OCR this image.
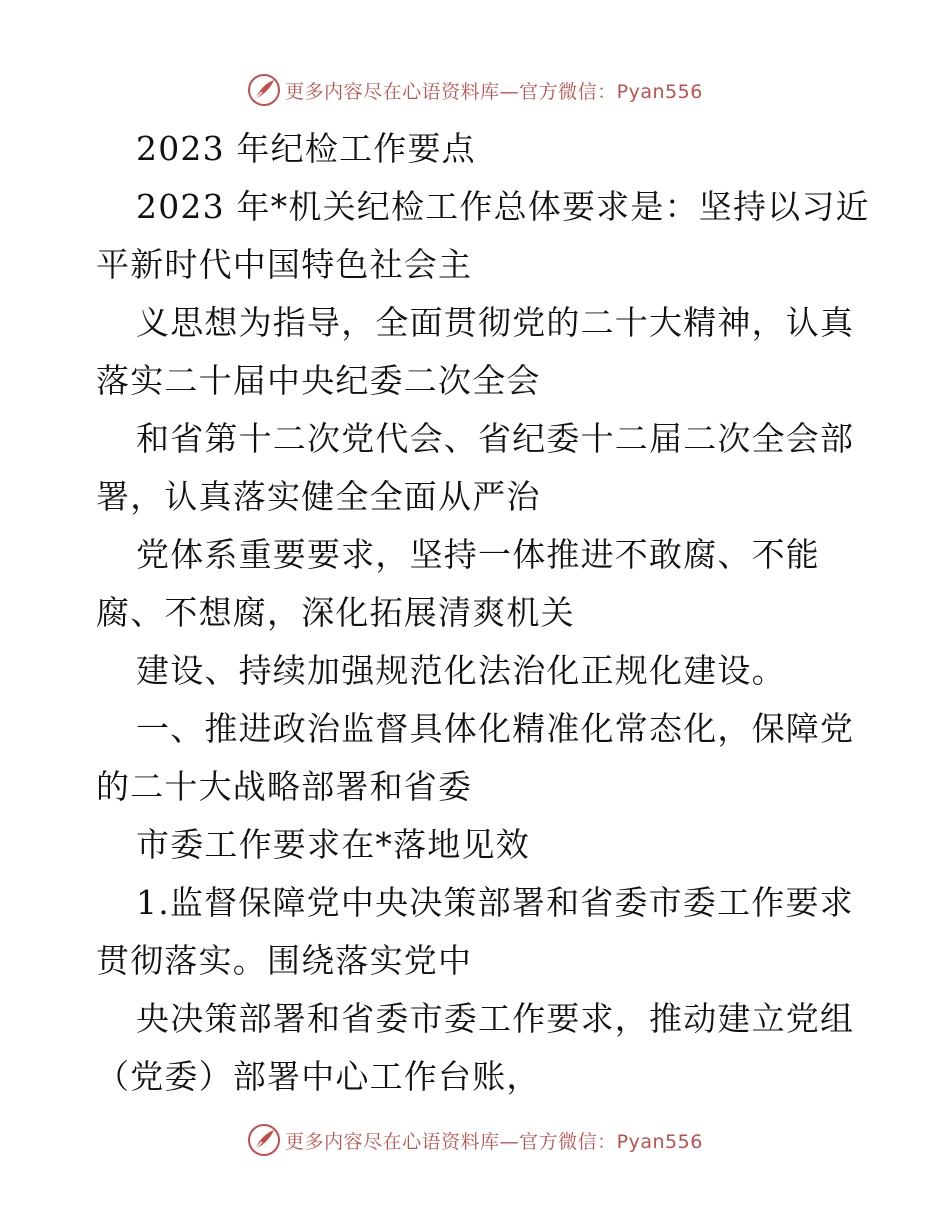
更多内容尽在心语资料库—官方微信：Pyan556
2023 年纪检工作要点
2023 年*机关纪检工作总体要求是：坚持以习近
平新时代中国特色社会主
义思想为指导，全面贯彻党的二十大精神，认真
落实二十届中央纪委二次全会
和省第十二次党代会、省纪委十二届二次全会部
署，认真落实健全全面从严治
党体系重要要求，坚持一体推进不敢腐、不能
腐、不想腐，深化拓展清爽机关
建设、持续加强规范化法治化正规化建设。
一、推进政治监督具体化精准化常态化，保障党
的二十大战略部署和省委
市委工作要求在*落地见效
1.监督保障党中央决策部署和省委市委工作要求
贯彻落实。围绕落实党中
央决策部署和省委市委工作要求，推动建立党组
（党委）部署中心工作台账，
更多内容尽在心语资料库—官方微信：Pyan556
